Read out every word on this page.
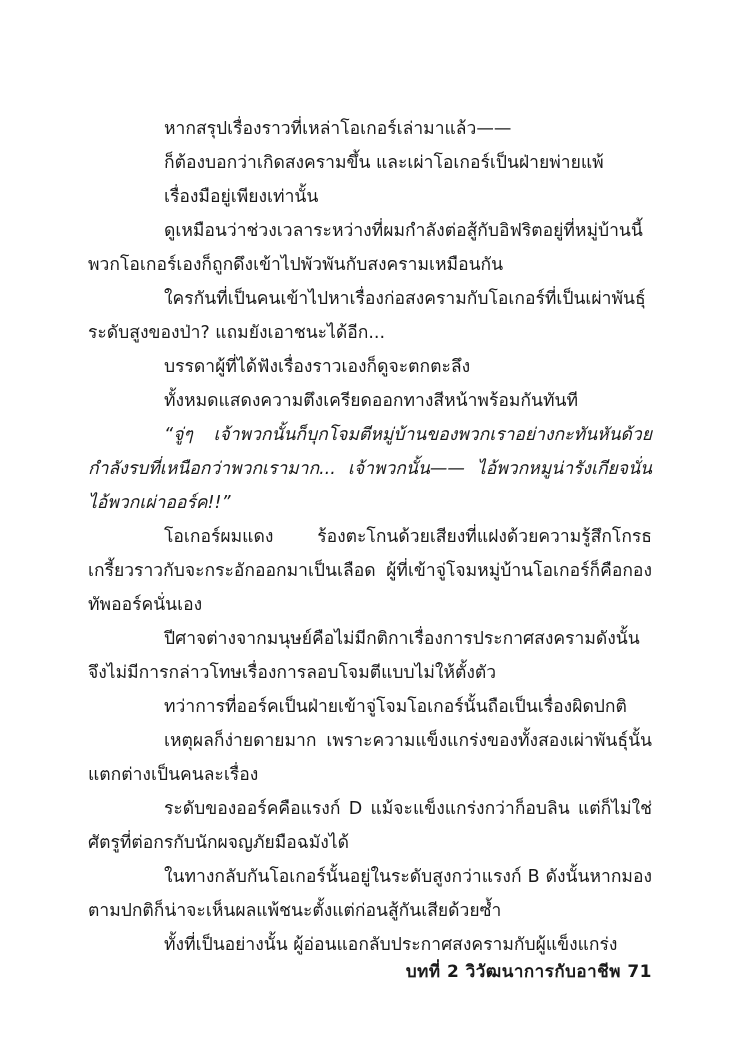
หากสรุปเรื่องราวที่เหล่าโอเกอร์เล่ามาแล้ว——

ก็ต้องบอกว่าเกิดสงครามขึ้น และเผ่าโอเกอร์เป็นฝ่ายพ่ายแพ้

เรื่องมือยู่เพียงเท่านั้น

ดูเหมือนว่าช่วงเวลาระหว่างที่ผมกำลังต่อสู้กับอิฟริตอยู่ที่หมู่บ้านนี้ พวกโอเกอร์เองก็ถูกดึงเข้าไปพัวพันกับสงครามเหมือนกัน

ใครกันที่เป็นคนเข้าไปหาเรื่องก่อสงครามกับโอเกอร์ที่เป็นเผ่าพันธุ์ระดับสูงของป่า? แถมยังเอาชนะได้อีก...

บรรดาผู้ที่ได้ฟังเรื่องราวเองก็ดูจะตกตะลึง

ทั้งหมดแสดงความตึงเครียดออกทางสีหน้าพร้อมกันทันที

“จู่ๆ เจ้าพวกนั้นก็บุกโจมตีหมู่บ้านของพวกเราอย่างกะทันหันด้วยกำลังรบที่เหนือกว่าพวกเรามาก... เจ้าพวกนั้น—— ไอ้พวกหมูน่ารังเกียจนั่น ไอ้พวกเผ่าออร์ค!!”

โอเกอร์ผมแดง ร้องตะโกนด้วยเสียงที่แฝงด้วยความรู้สึกโกรธเกรี้ยวราวกับจะกระอักออกมาเป็นเลือด ผู้ที่เข้าจู่โจมหมู่บ้านโอเกอร์ก็คือกองทัพออร์คนั่นเอง

ปีศาจต่างจากมนุษย์คือไม่มีกติกาเรื่องการประกาศสงครามดังนั้นจึงไม่มีการกล่าวโทษเรื่องการลอบโจมตีแบบไม่ให้ตั้งตัว

ทว่าการที่ออร์คเป็นฝ่ายเข้าจู่โจมโอเกอร์นั้นถือเป็นเรื่องผิดปกติ

เหตุผลก็ง่ายดายมาก เพราะความแข็งแกร่งของทั้งสองเผ่าพันธุ์นั้นแตกต่างเป็นคนละเรื่อง

ระดับของออร์คคือแรงก์ D แม้จะแข็งแกร่งกว่าก็อบลิน แต่ก็ไม่ใช่ศัตรูที่ต่อกรกับนักผจญภัยมือฉมังได้

ในทางกลับกันโอเกอร์นั้นอยู่ในระดับสูงกว่าแรงก์ B ดังนั้นหากมองตามปกติก็น่าจะเห็นผลแพ้ชนะตั้งแต่ก่อนสู้กันเสียด้วยซ้ำ

ทั้งที่เป็นอย่างนั้น ผู้อ่อนแอกลับประกาศสงครามกับผู้แข็งแกร่ง

บทที่ 2 วิวัฒนาการกับอาชีพ 71
